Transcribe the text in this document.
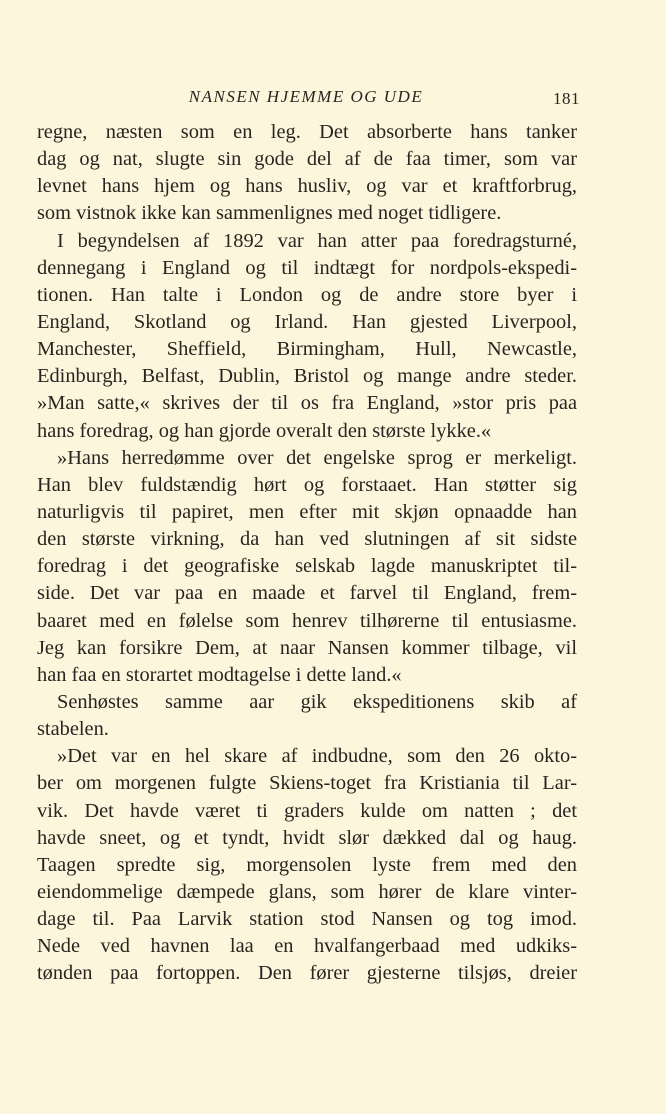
NANSEN HJEMME OG UDE	181
regne, næsten som en leg. Det absorberte hans tanker
dag og nat, slugte sin gode del af de faa timer, som var
levnet hans hjem og hans husliv, og var et kraftforbrug,
som vistnok ikke kan sammenlignes med noget tidligere.
I begyndelsen af 1892 var han atter paa foredragsturné,
dennegang i England og til indtægt for nordpols-ekspedi-
tionen. Han talte i London og de andre store byer i
England, Skotland og Irland. Han gjested Liverpool,
Manchester, Sheffield, Birmingham, Hull, Newcastle,
Edinburgh, Belfast, Dublin, Bristol og mange andre steder.
»Man satte,« skrives der til os fra England, »stor pris paa
hans foredrag, og han gjorde overalt den største lykke.«
»Hans herredømme over det engelske sprog er merkeligt.
Han blev fuldstændig hørt og forstaaet. Han støtter sig
naturligvis til papiret, men efter mit skjøn opnaadde han
den største virkning, da han ved slutningen af sit sidste
foredrag i det geografiske selskab lagde manuskriptet til-
side. Det var paa en maade et farvel til England, frem-
baaret med en følelse som henrev tilhørerne til entusiasme.
Jeg kan forsikre Dem, at naar Nansen kommer tilbage, vil
han faa en storartet modtagelse i dette land.«
Senhøstes samme aar gik ekspeditionens skib af
stabelen.
»Det var en hel skare af indbudne, som den 26 okto-
ber om morgenen fulgte Skiens-toget fra Kristiania til Lar-
vik. Det havde været ti graders kulde om natten ; det
havde sneet, og et tyndt, hvidt slør dækked dal og haug.
Taagen spredte sig, morgensolen lyste frem med den
eiendommelige dæmpede glans, som hører de klare vinter-
dage til. Paa Larvik station stod Nansen og tog imod.
Nede ved havnen laa en hvalfangerbaad med udkiks-
tønden paa fortoppen. Den fører gjesterne tilsjøs, dreier
